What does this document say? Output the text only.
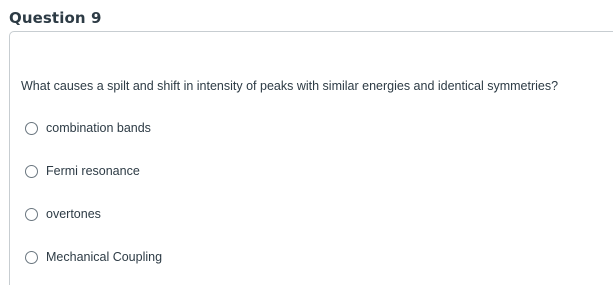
Question 9
What causes a spilt and shift in intensity of peaks with similar energies and identical symmetries?
combination bands
Fermi resonance
overtones
Mechanical Coupling
